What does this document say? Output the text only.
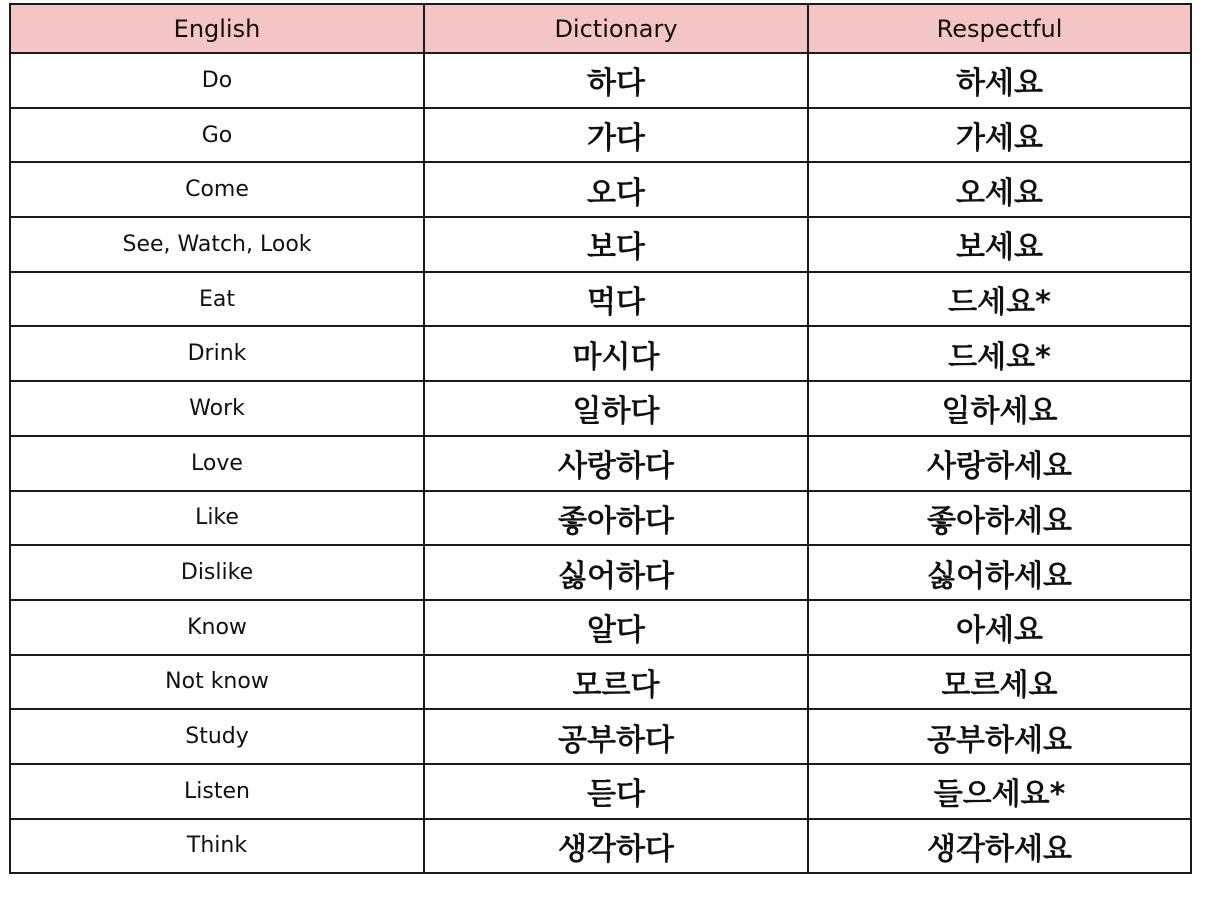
English	Dictionary	Respectful
Do	하다	하세요
Go	가다	가세요
Come	오다	오세요
See, Watch, Look	보다	보세요
Eat	먹다	드세요*
Drink	마시다	드세요*
Work	일하다	일하세요
Love	사랑하다	사랑하세요
Like	좋아하다	좋아하세요
Dislike	싫어하다	싫어하세요
Know	알다	아세요
Not know	모르다	모르세요
Study	공부하다	공부하세요
Listen	듣다	들으세요*
Think	생각하다	생각하세요
